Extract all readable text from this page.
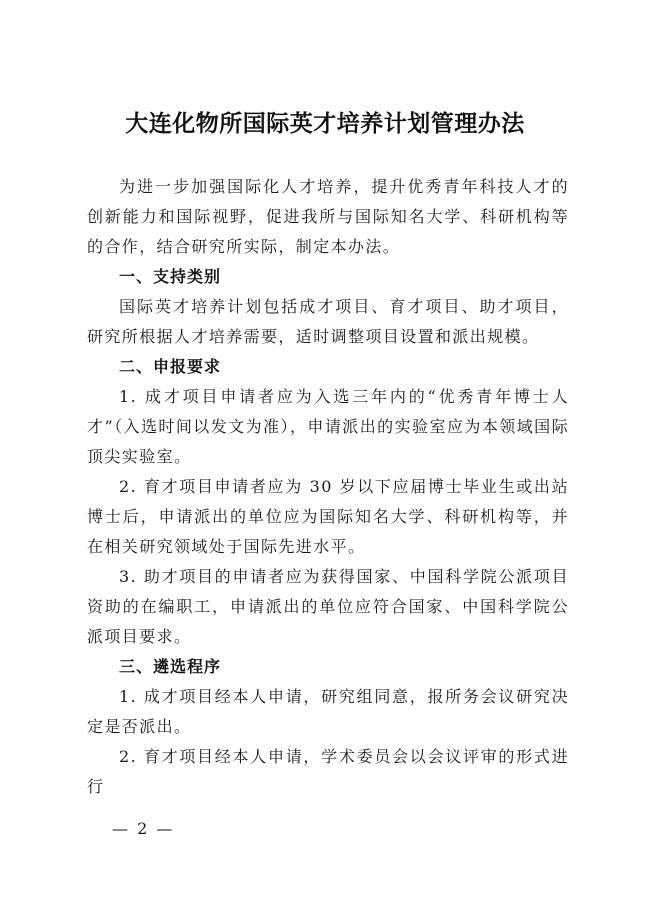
大连化物所国际英才培养计划管理办法

为进一步加强国际化人才培养，提升优秀青年科技人才的创新能力和国际视野，促进我所与国际知名大学、科研机构等的合作，结合研究所实际，制定本办法。

一、支持类别

国际英才培养计划包括成才项目、育才项目、助才项目，研究所根据人才培养需要，适时调整项目设置和派出规模。

二、申报要求

1. 成才项目申请者应为入选三年内的“优秀青年博士人才”（入选时间以发文为准），申请派出的实验室应为本领域国际顶尖实验室。

2. 育才项目申请者应为 30 岁以下应届博士毕业生或出站博士后，申请派出的单位应为国际知名大学、科研机构等，并在相关研究领域处于国际先进水平。

3. 助才项目的申请者应为获得国家、中国科学院公派项目资助的在编职工，申请派出的单位应符合国家、中国科学院公派项目要求。

三、遴选程序

1. 成才项目经本人申请，研究组同意，报所务会议研究决定是否派出。

2. 育才项目经本人申请，学术委员会以会议评审的形式进行

— 2 —
